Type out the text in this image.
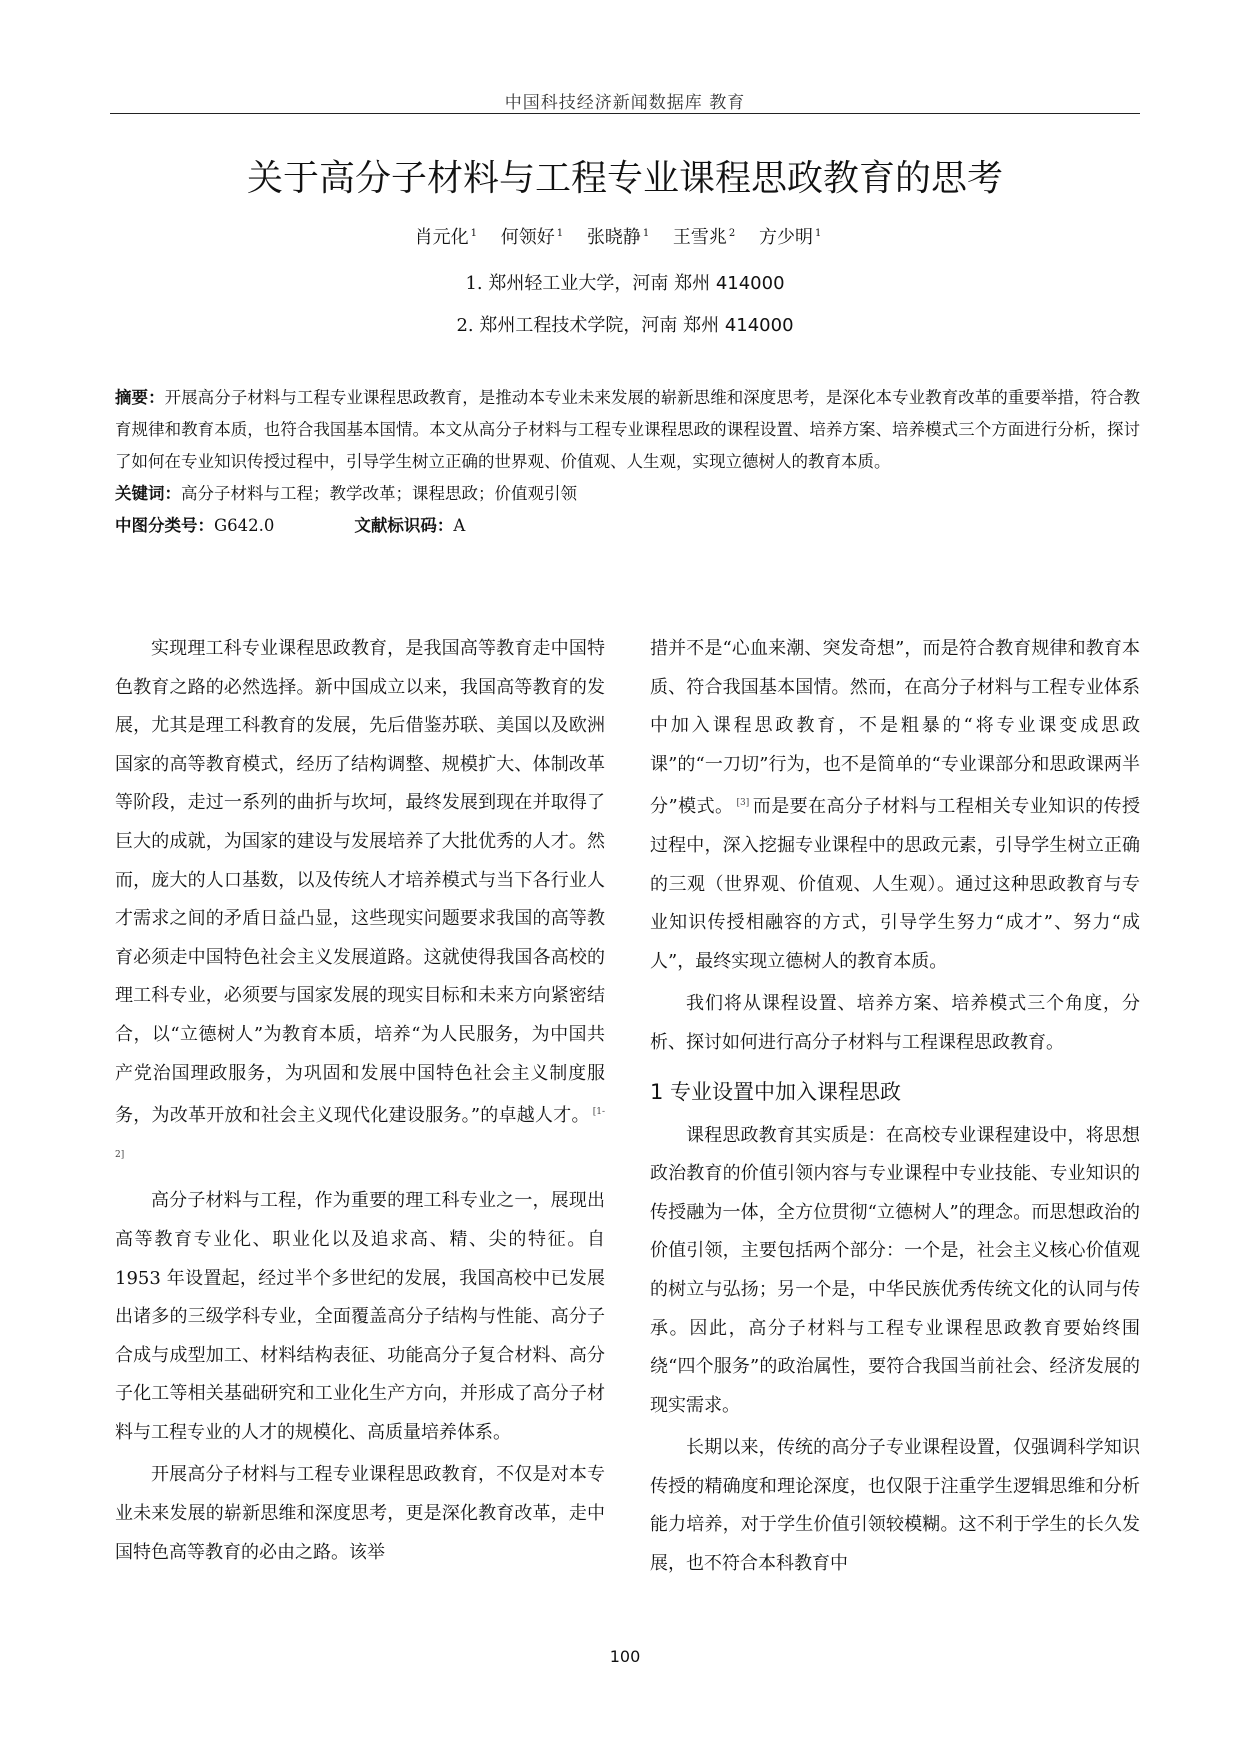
中国科技经济新闻数据库 教育
关于高分子材料与工程专业课程思政教育的思考
肖元化 $^1$ 何领好 $^1$ 张晓静 $^1$ 王雪兆 $^2$ 方少明 $^1$
1. 郑州轻工业大学，河南 郑州 414000
2. 郑州工程技术学院，河南 郑州 414000

摘要：开展高分子材料与工程专业课程思政教育，是推动本专业未来发展的崭新思维和深度思考，是深化本专业教育改革的重要举措，符合教育规律和教育本质，也符合我国基本国情。本文从高分子材料与工程专业课程思政的课程设置、培养方案、培养模式三个方面进行分析，探讨了如何在专业知识传授过程中，引导学生树立正确的世界观、价值观、人生观，实现立德树人的教育本质。

关键词：高分子材料与工程；教学改革；课程思政；价值观引领

中图分类号：G642.0	文献标识码：A

实现理工科专业课程思政教育，是我国高等教育走中国特色教育之路的必然选择。新中国成立以来，我国高等教育的发展，尤其是理工科教育的发展，先后借鉴苏联、美国以及欧洲国家的高等教育模式，经历了结构调整、规模扩大、体制改革等阶段，走过一系列的曲折与坎坷，最终发展到现在并取得了巨大的成就，为国家的建设与发展培养了大批优秀的人才。然而，庞大的人口基数，以及传统人才培养模式与当下各行业人才需求之间的矛盾日益凸显，这些现实问题要求我国的高等教育必须走中国特色社会主义发展道路。这就使得我国各高校的理工科专业，必须要与国家发展的现实目标和未来方向紧密结合，以“立德树人”为教育本质，培养“为人民服务，为中国共产党治国理政服务，为巩固和发展中国特色社会主义制度服务，为改革开放和社会主义现代化建设服务。”的卓越人才。 [1-2]

高分子材料与工程，作为重要的理工科专业之一，展现出高等教育专业化、职业化以及追求高、精、尖的特征。自 1953 年设置起，经过半个多世纪的发展，我国高校中已发展出诸多的三级学科专业，全面覆盖高分子结构与性能、高分子合成与成型加工、材料结构表征、功能高分子复合材料、高分子化工等相关基础研究和工业化生产方向，并形成了高分子材料与工程专业的人才的规模化、高质量培养体系。

开展高分子材料与工程专业课程思政教育，不仅是对本专业未来发展的崭新思维和深度思考，更是深化教育改革，走中国特色高等教育的必由之路。该举

措并不是“心血来潮、突发奇想”，而是符合教育规律和教育本质、符合我国基本国情。然而，在高分子材料与工程专业体系中加入课程思政教育，不是粗暴的“将专业课变成思政课”的“一刀切”行为，也不是简单的“专业课部分和思政课两半分”模式。 [3] 而是要在高分子材料与工程相关专业知识的传授过程中，深入挖掘专业课程中的思政元素，引导学生树立正确的三观（世界观、价值观、人生观）。通过这种思政教育与专业知识传授相融容的方式，引导学生努力“成才”、努力“成人”，最终实现立德树人的教育本质。

我们将从课程设置、培养方案、培养模式三个角度，分析、探讨如何进行高分子材料与工程课程思政教育。

1 专业设置中加入课程思政

课程思政教育其实质是：在高校专业课程建设中，将思想政治教育的价值引领内容与专业课程中专业技能、专业知识的传授融为一体，全方位贯彻“立德树人”的理念。而思想政治的价值引领，主要包括两个部分：一个是，社会主义核心价值观的树立与弘扬；另一个是，中华民族优秀传统文化的认同与传承。因此，高分子材料与工程专业课程思政教育要始终围绕“四个服务”的政治属性，要符合我国当前社会、经济发展的现实需求。

长期以来，传统的高分子专业课程设置，仅强调科学知识传授的精确度和理论深度，也仅限于注重学生逻辑思维和分析能力培养，对于学生价值引领较模糊。这不利于学生的长久发展，也不符合本科教育中

100
